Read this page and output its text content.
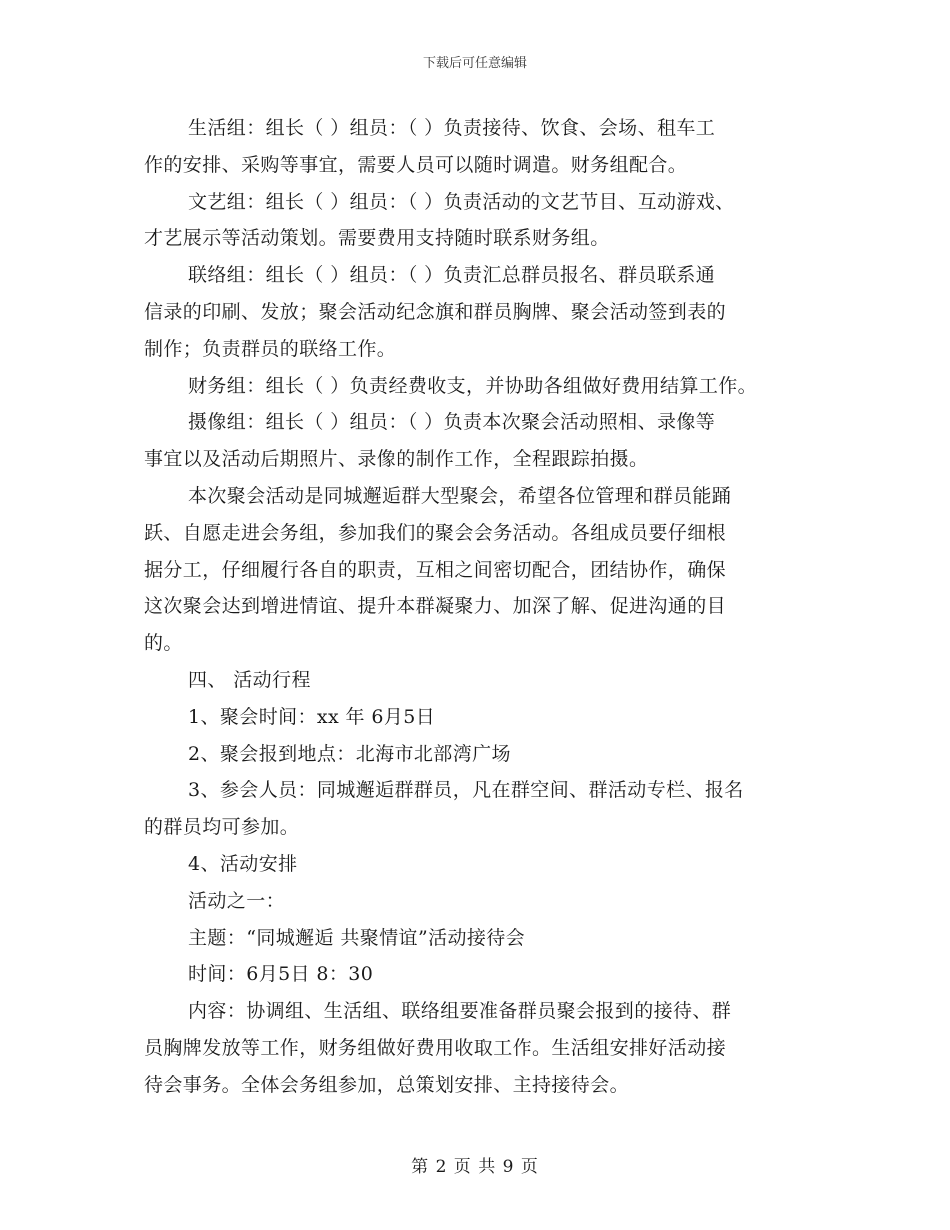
下载后可任意编辑
生活组：组长（ ）组员：（ ）负责接待、饮食、会场、租车工
作的安排、采购等事宜，需要人员可以随时调遣。财务组配合。
文艺组：组长（ ）组员：（ ）负责活动的文艺节目、互动游戏、
才艺展示等活动策划。需要费用支持随时联系财务组。
联络组：组长（ ）组员：（ ）负责汇总群员报名、群员联系通
信录的印刷、发放；聚会活动纪念旗和群员胸牌、聚会活动签到表的
制作；负责群员的联络工作。
财务组：组长（ ）负责经费收支，并协助各组做好费用结算工作。
摄像组：组长（ ）组员：（ ）负责本次聚会活动照相、录像等
事宜以及活动后期照片、录像的制作工作，全程跟踪拍摄。
本次聚会活动是同城邂逅群大型聚会，希望各位管理和群员能踊
跃、自愿走进会务组，参加我们的聚会会务活动。各组成员要仔细根
据分工，仔细履行各自的职责，互相之间密切配合，团结协作，确保
这次聚会达到增进情谊、提升本群凝聚力、加深了解、促进沟通的目
的。
四、 活动行程
1、聚会时间：xx 年 6月5日
2、聚会报到地点：北海市北部湾广场
3、参会人员：同城邂逅群群员，凡在群空间、群活动专栏、报名
的群员均可参加。
4、活动安排
活动之一：
主题：“同城邂逅 共聚情谊”活动接待会
时间：6月5日 8：30
内容：协调组、生活组、联络组要准备群员聚会报到的接待、群
员胸牌发放等工作，财务组做好费用收取工作。生活组安排好活动接
待会事务。全体会务组参加，总策划安排、主持接待会。
第 2 页 共 9 页
